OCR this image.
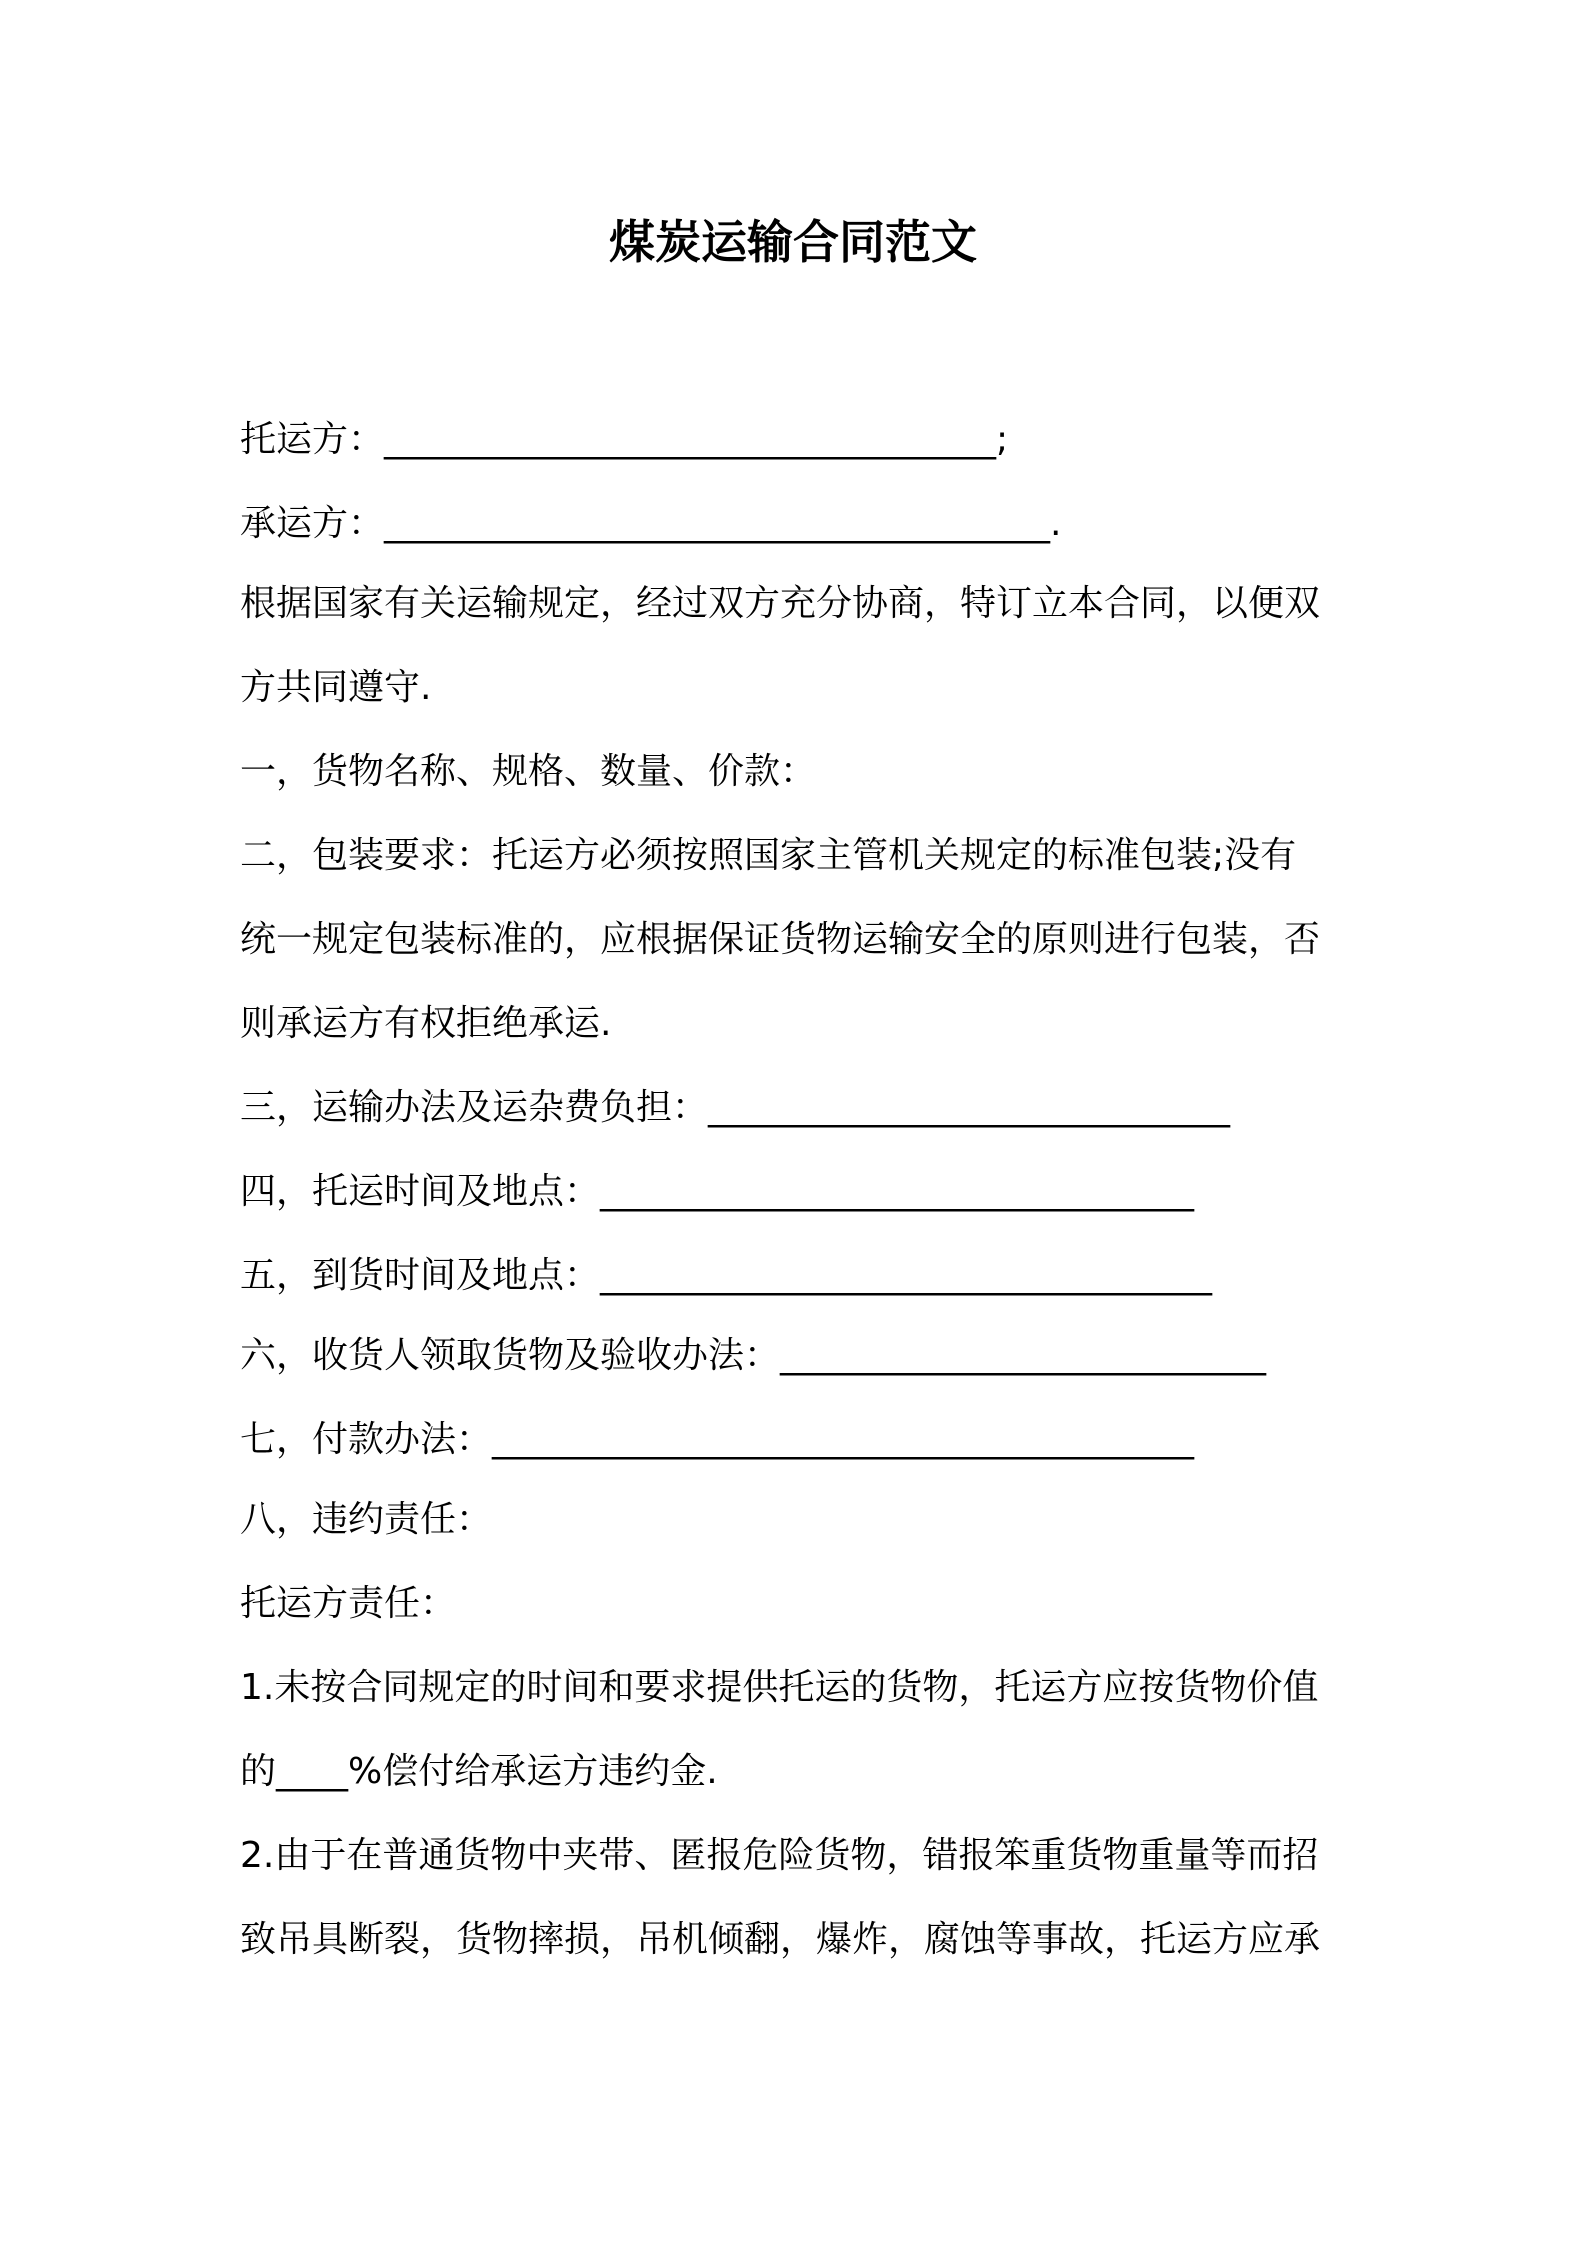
煤炭运输合同范文
托运方：__________________________________;
承运方：_____________________________________.
根据国家有关运输规定，经过双方充分协商，特订立本合同，以便双
方共同遵守.
一，货物名称、规格、数量、价款：
二，包装要求：托运方必须按照国家主管机关规定的标准包装;没有
统一规定包装标准的，应根据保证货物运输安全的原则进行包装，否
则承运方有权拒绝承运.
三，运输办法及运杂费负担：_____________________________
四，托运时间及地点：_________________________________
五，到货时间及地点：__________________________________
六，收货人领取货物及验收办法：___________________________
七，付款办法：_______________________________________
八，违约责任：
托运方责任：
1.未按合同规定的时间和要求提供托运的货物，托运方应按货物价值
的____%偿付给承运方违约金.
2.由于在普通货物中夹带、匿报危险货物，错报笨重货物重量等而招
致吊具断裂，货物摔损，吊机倾翻，爆炸，腐蚀等事故，托运方应承
